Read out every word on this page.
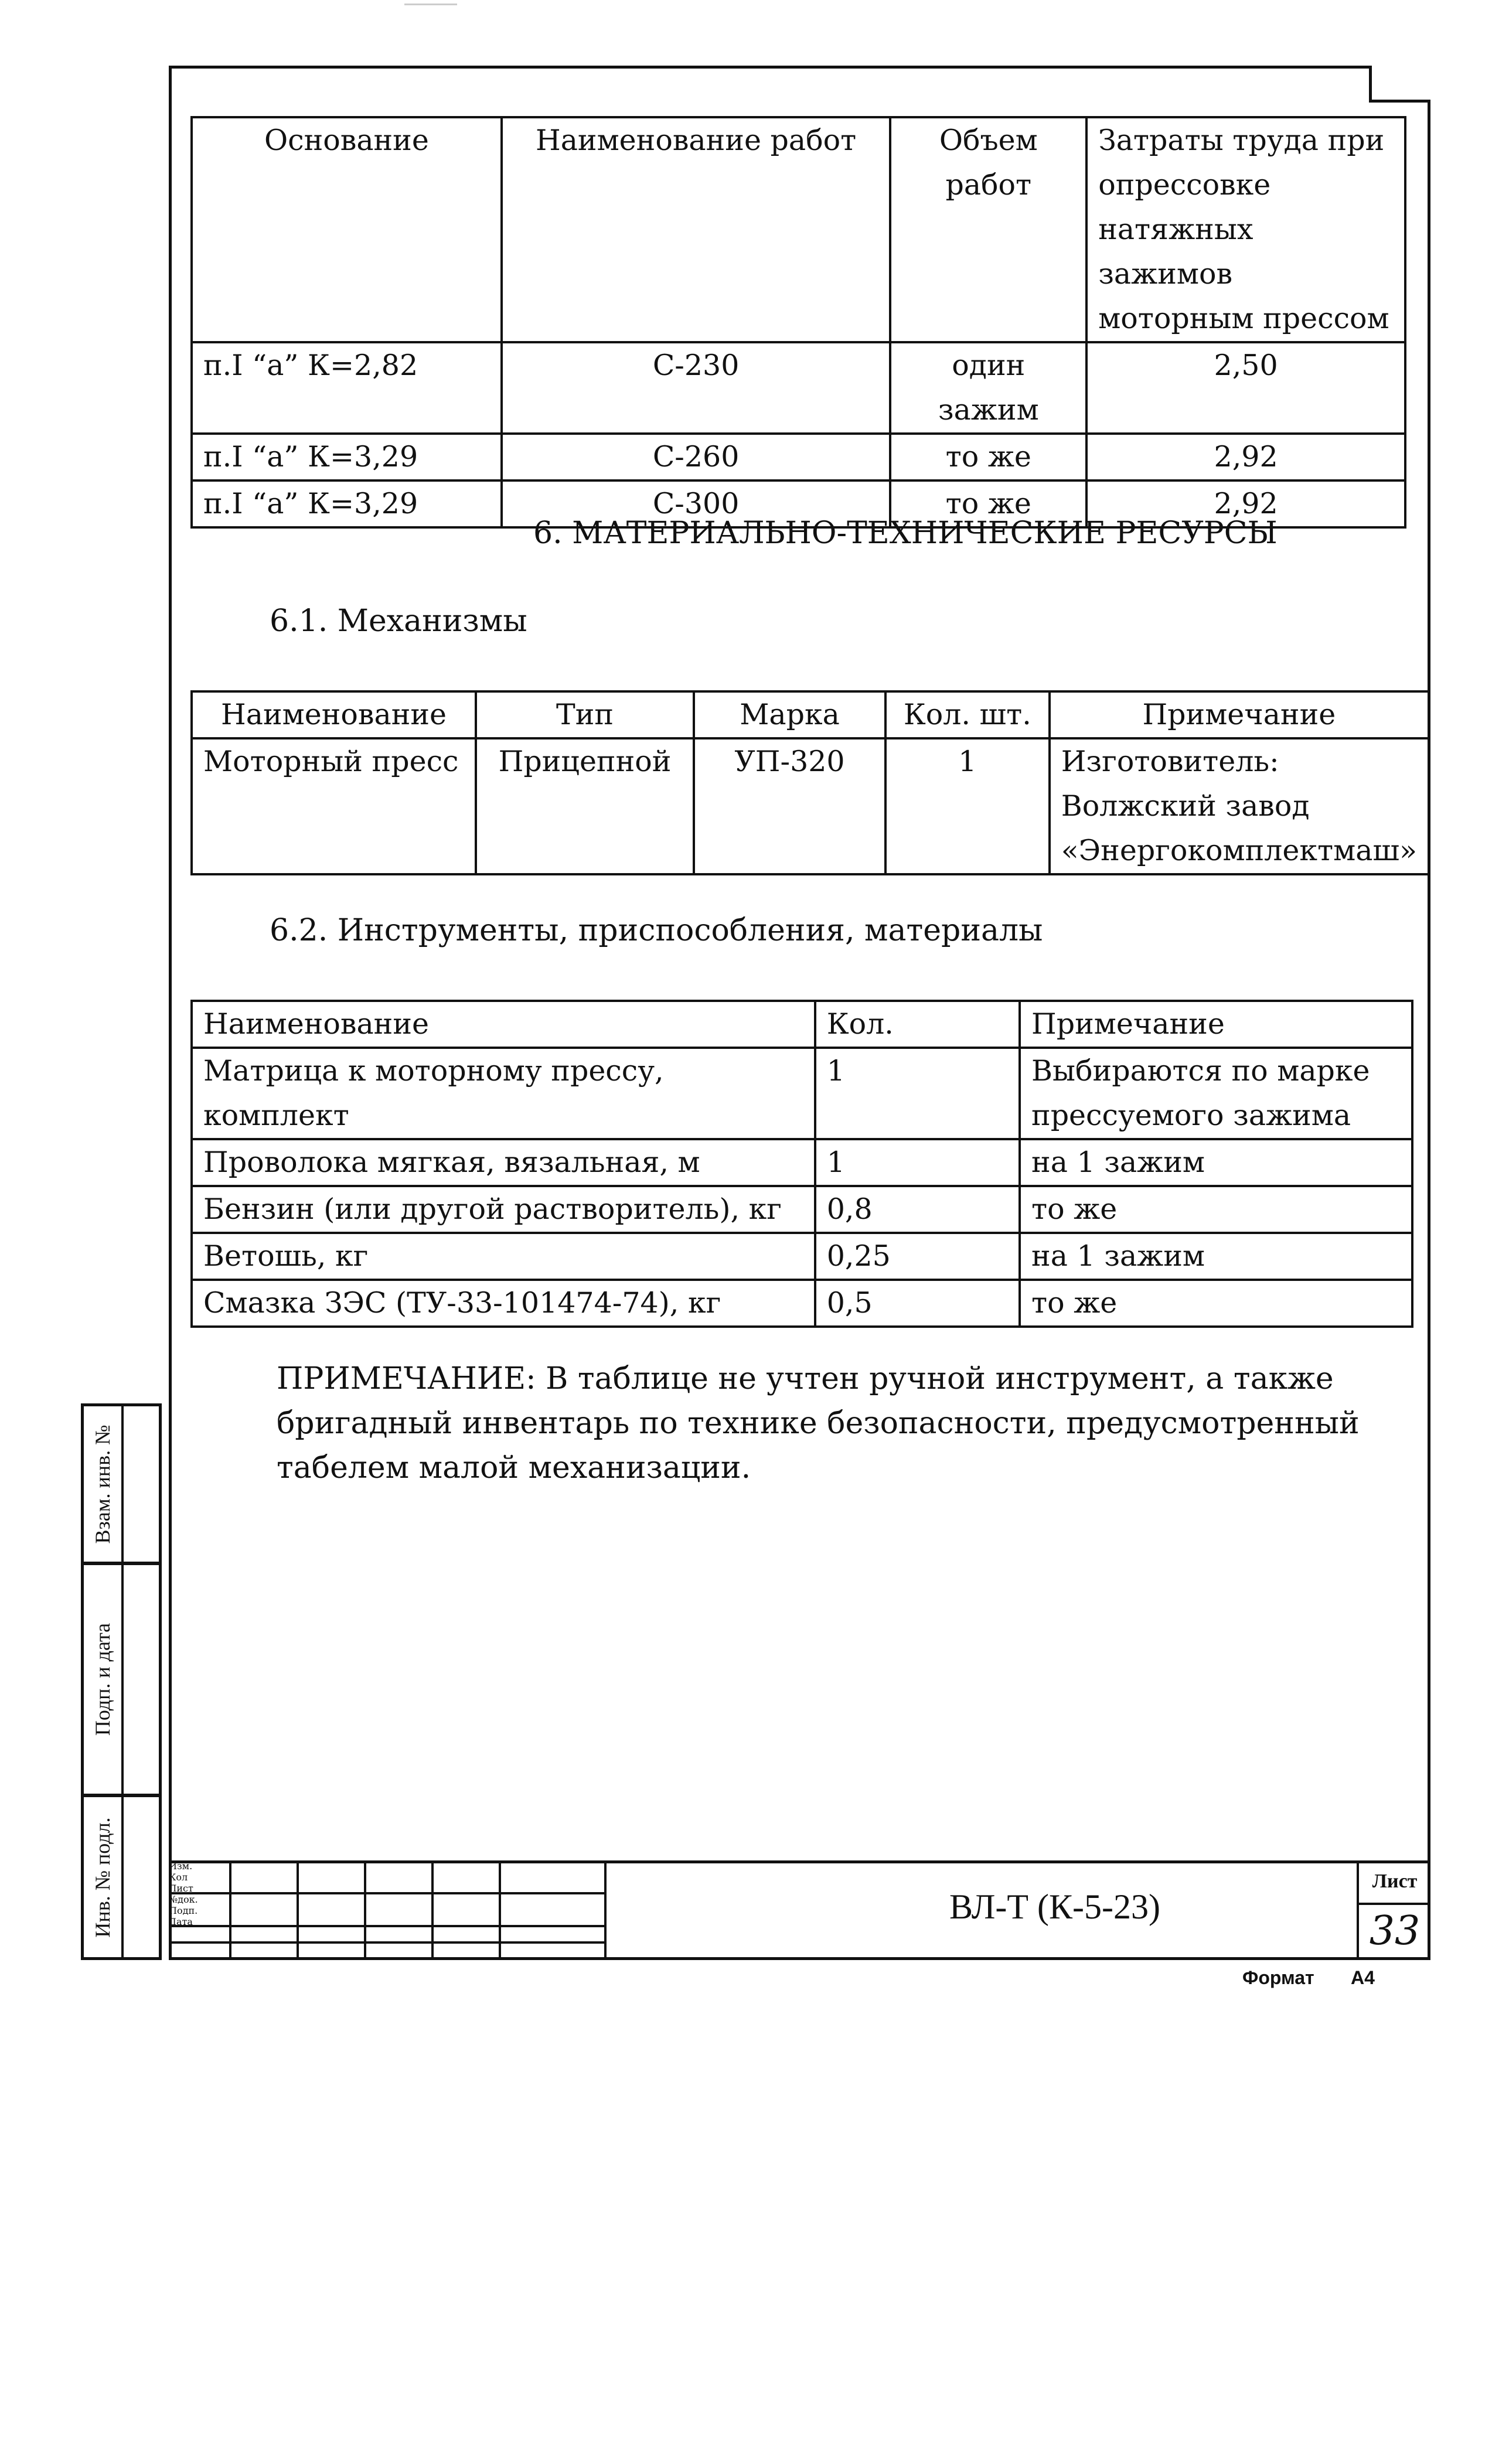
Основание	Наименование работ	Объем работ	Затраты труда при опрессовке натяжных зажимов моторным прессом
п.I “а” К=2,82	С-230	один зажим	2,50
п.I “а” К=3,29	С-260	то же	2,92
п.I “а” К=3,29	С-300	то же	2,92
6. МАТЕРИАЛЬНО-ТЕХНИЧЕСКИЕ РЕСУРСЫ
6.1. Механизмы
Наименование	Тип	Марка	Кол. шт.	Примечание
Моторный пресс	Прицепной	УП-320	1	Изготовитель: Волжский завод «Энергокомплектмаш»
6.2. Инструменты, приспособления, материалы
Наименование	Кол.	Примечание
Матрица к моторному прессу, комплект	1	Выбираются по марке прессуемого зажима
Проволока мягкая, вязальная, м	1	на 1 зажим
Бензин (или другой растворитель), кг	0,8	то же
Ветошь, кг	0,25	на 1 зажим
Смазка ЗЭС (ТУ-33-101474-74), кг	0,5	то же
ПРИМЕЧАНИЕ: В таблице не учтен ручной инструмент, а также бригадный инвентарь по технике безопасности, предусмотренный табелем малой механизации.
Взам. инв. №
Подп. и дата
Инв. № подл.	Изм.
Кол
Лист
№док.
Подп.
Дата	ВЛ-Т (К-5-23)
Лист
33
Формат А4
